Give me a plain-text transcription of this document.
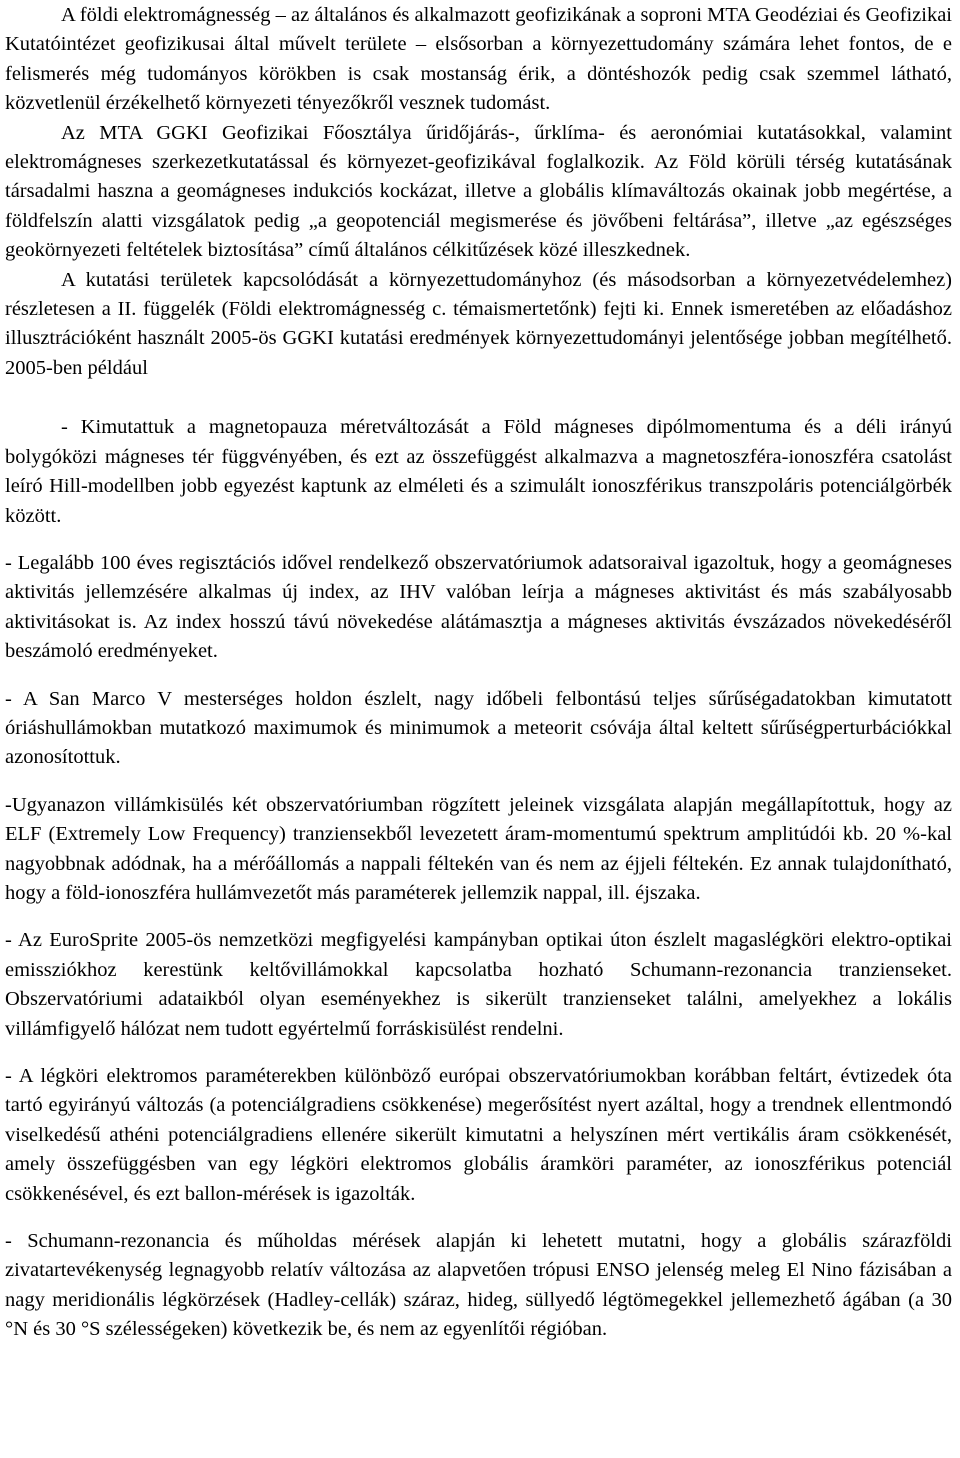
A földi elektromágnesség – az általános és alkalmazott geofizikának a soproni MTA Geodéziai és Geofizikai Kutatóintézet geofizikusai által művelt területe – elsősorban a környezettudomány számára lehet fontos, de e felismerés még tudományos körökben is csak mostanság érik, a döntéshozók pedig csak szemmel látható, közvetlenül érzékelhető környezeti tényezőkről vesznek tudomást.

Az MTA GGKI Geofizikai Főosztálya űridőjárás-, űrklíma- és aeronómiai kutatásokkal, valamint elektromágneses szerkezetkutatással és környezet-geofizikával foglalkozik. Az Föld körüli térség kutatásának társadalmi haszna a geomágneses indukciós kockázat, illetve a globális klímaváltozás okainak jobb megértése, a földfelszín alatti vizsgálatok pedig „a geopotenciál megismerése és jövőbeni feltárása”, illetve „az egészséges geokörnyezeti feltételek biztosítása” című általános célkitűzések közé illeszkednek.

A kutatási területek kapcsolódását a környezettudományhoz (és másodsorban a környezetvédelemhez) részletesen a II. függelék (Földi elektromágnesség c. témaismertetőnk) fejti ki. Ennek ismeretében az előadáshoz illusztrációként használt 2005-ös GGKI kutatási eredmények környezettudományi jelentősége jobban megítélhető. 2005-ben például

- Kimutattuk a magnetopauza méretváltozását a Föld mágneses dipólmomentuma és a déli irányú bolygóközi mágneses tér függvényében, és ezt az összefüggést alkalmazva a magnetoszféra-ionoszféra csatolást leíró Hill-modellben jobb egyezést kaptunk az elméleti és a szimulált ionoszférikus transzpoláris potenciálgörbék között.

- Legalább 100 éves regisztációs idővel rendelkező obszervatóriumok adatsoraival igazoltuk, hogy a geomágneses aktivitás jellemzésére alkalmas új index, az IHV valóban leírja a mágneses aktivitást és más szabályosabb aktivitásokat is. Az index hosszú távú növekedése alátámasztja a mágneses aktivitás évszázados növekedéséről beszámoló eredményeket.

- A San Marco V mesterséges holdon észlelt, nagy időbeli felbontású teljes sűrűségadatokban kimutatott óriáshullámokban mutatkozó maximumok és minimumok a meteorit csóvája által keltett sűrűségperturbációkkal azonosítottuk.

-Ugyanazon villámkisülés két obszervatóriumban rögzített jeleinek vizsgálata alapján megállapítottuk, hogy az ELF (Extremely Low Frequency) tranziensekből levezetett áram-momentumú spektrum amplitúdói kb. 20 %-kal nagyobbnak adódnak, ha a mérőállomás a nappali féltekén van és nem az éjjeli féltekén. Ez annak tulajdonítható, hogy a föld-ionoszféra hullámvezetőt más paraméterek jellemzik nappal, ill. éjszaka.

- Az EuroSprite 2005-ös nemzetközi megfigyelési kampányban optikai úton észlelt magaslégköri elektro-optikai emissziókhoz kerestünk keltővillámokkal kapcsolatba hozható Schumann-rezonancia tranzienseket. Obszervatóriumi adataikból olyan eseményekhez is sikerült tranzienseket találni, amelyekhez a lokális villámfigyelő hálózat nem tudott egyértelmű forráskisülést rendelni.

- A légköri elektromos paraméterekben különböző európai obszervatóriumokban korábban feltárt, évtizedek óta tartó egyirányú változás (a potenciálgradiens csökkenése) megerősítést nyert azáltal, hogy a trendnek ellentmondó viselkedésű athéni potenciálgradiens ellenére sikerült kimutatni a helyszínen mért vertikális áram csökkenését, amely összefüggésben van egy légköri elektromos globális áramköri paraméter, az ionoszférikus potenciál csökkenésével, és ezt ballon-mérések is igazolták.

- Schumann-rezonancia és műholdas mérések alapján ki lehetett mutatni, hogy a globális szárazföldi zivatartevékenység legnagyobb relatív változása az alapvetően trópusi ENSO jelenség meleg El Nino fázisában a nagy meridionális légkörzések (Hadley-cellák) száraz, hideg, süllyedő légtömegekkel jellemezhető ágában (a 30 °N és 30 °S szélességeken) következik be, és nem az egyenlítői régióban.
